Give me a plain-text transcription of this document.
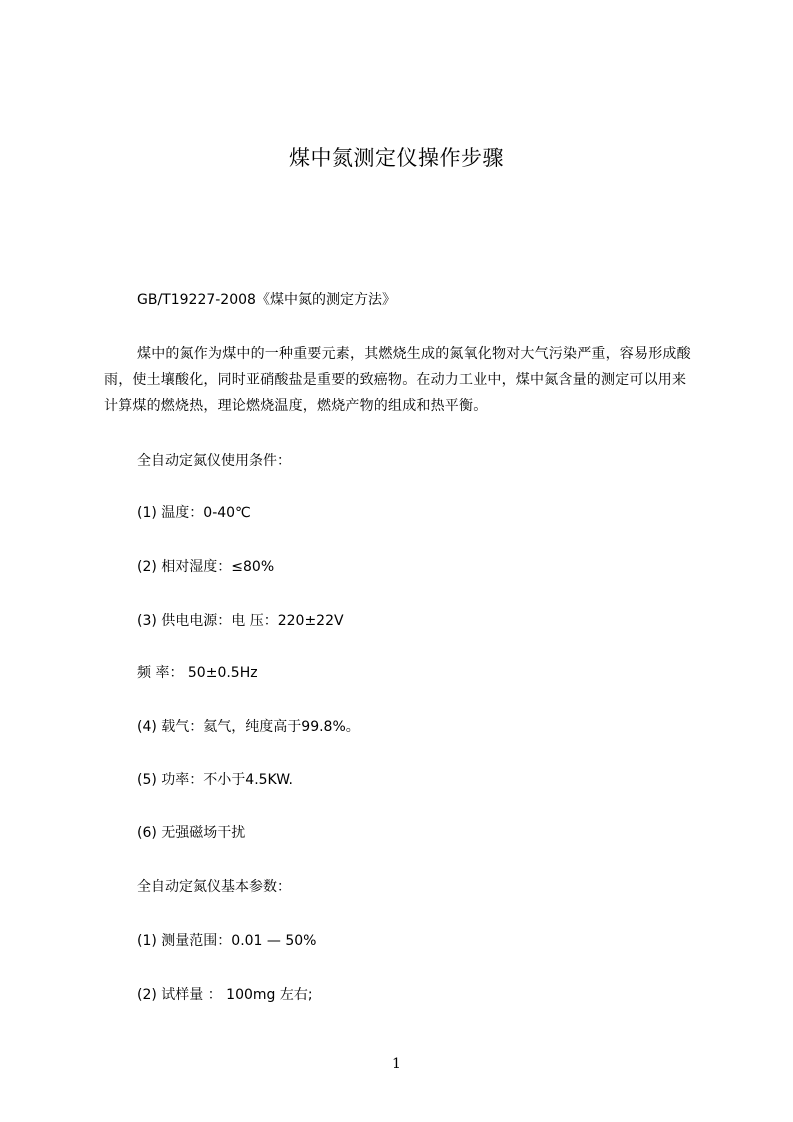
煤中氮测定仪操作步骤

GB/T19227-2008《煤中氮的测定方法》

煤中的氮作为煤中的一种重要元素，其燃烧生成的氮氧化物对大气污染严重，容易形成酸雨，使土壤酸化，同时亚硝酸盐是重要的致癌物。在动力工业中，煤中氮含量的测定可以用来计算煤的燃烧热，理论燃烧温度，燃烧产物的组成和热平衡。

全自动定氮仪使用条件：

(1) 温度：0-40℃

(2) 相对湿度：≤80%

(3) 供电电源：电 压：220±22V

频 率： 50±0.5Hz

(4) 载气：氦气，纯度高于99.8%。

(5) 功率：不小于4.5KW.

(6) 无强磁场干扰

全自动定氮仪基本参数：

(1) 测量范围：0.01 — 50%

(2) 试样量 ： 100mg 左右;

1
